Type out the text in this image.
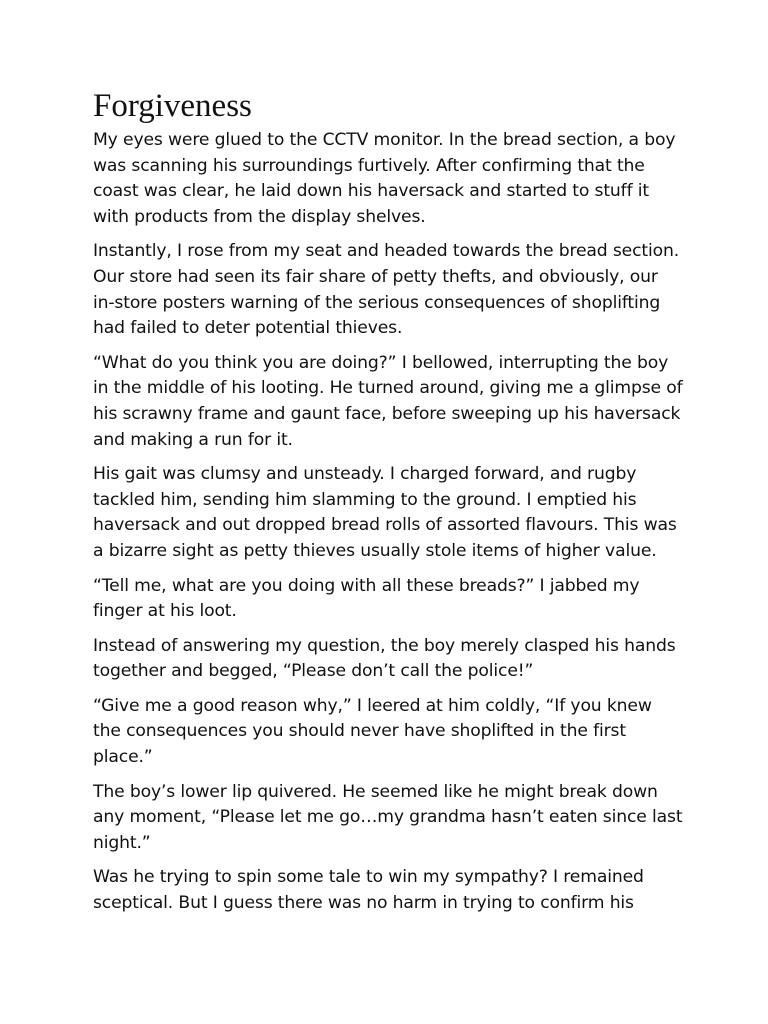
Forgiveness

My eyes were glued to the CCTV monitor. In the bread section, a boy was scanning his surroundings furtively. After confirming that the coast was clear, he laid down his haversack and started to stuff it with products from the display shelves.

Instantly, I rose from my seat and headed towards the bread section. Our store had seen its fair share of petty thefts, and obviously, our in-store posters warning of the serious consequences of shoplifting had failed to deter potential thieves.

“What do you think you are doing?” I bellowed, interrupting the boy in the middle of his looting. He turned around, giving me a glimpse of his scrawny frame and gaunt face, before sweeping up his haversack and making a run for it.

His gait was clumsy and unsteady. I charged forward, and rugby tackled him, sending him slamming to the ground. I emptied his haversack and out dropped bread rolls of assorted flavours. This was a bizarre sight as petty thieves usually stole items of higher value.

“Tell me, what are you doing with all these breads?” I jabbed my finger at his loot.

Instead of answering my question, the boy merely clasped his hands together and begged, “Please don’t call the police!”

“Give me a good reason why,” I leered at him coldly, “If you knew the consequences you should never have shoplifted in the first place.”

The boy’s lower lip quivered. He seemed like he might break down any moment, “Please let me go…my grandma hasn’t eaten since last night.”

Was he trying to spin some tale to win my sympathy? I remained sceptical. But I guess there was no harm in trying to confirm his
